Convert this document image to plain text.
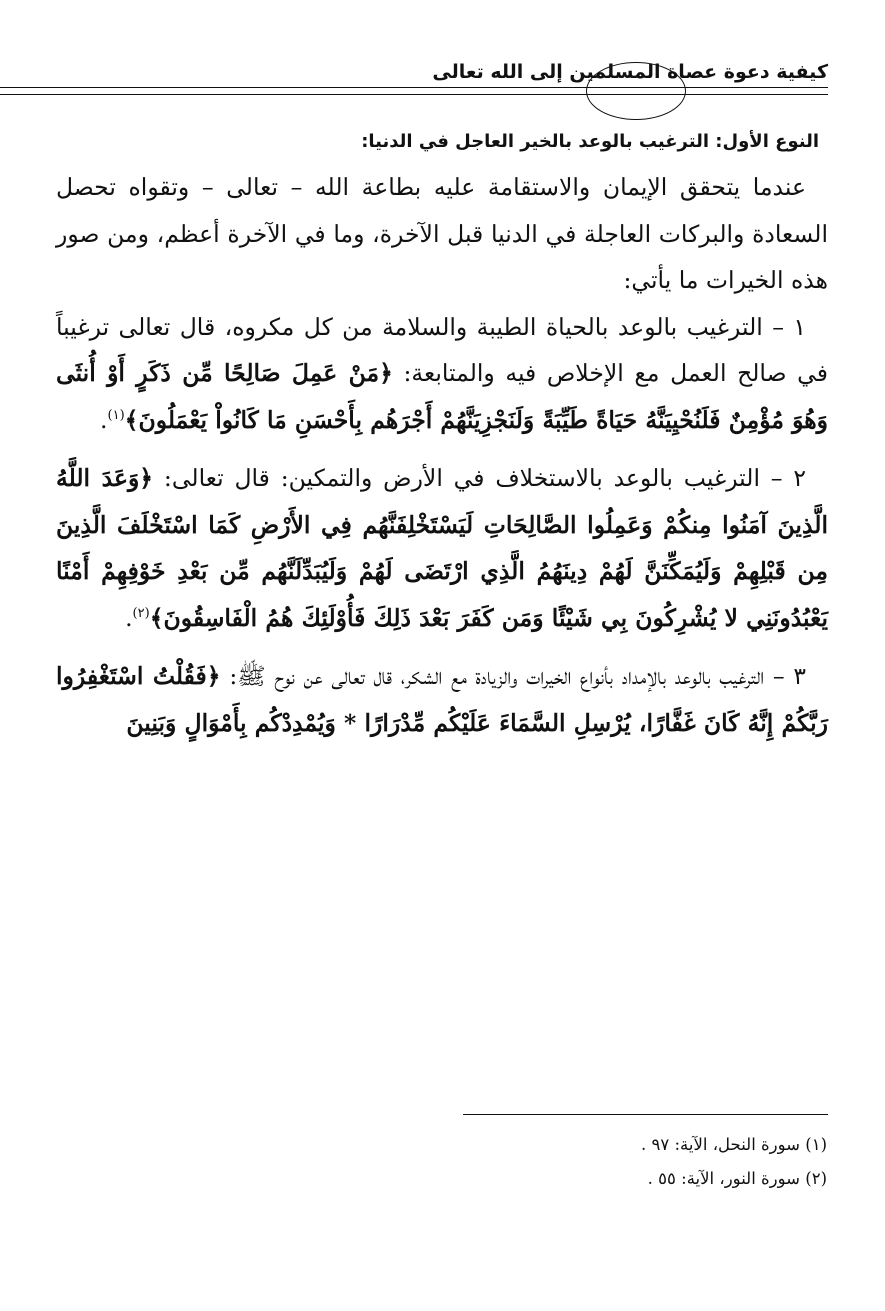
كيفية دعوة عصاة المسلمين إلى الله تعالى
النوع الأول: الترغيب بالوعد بالخير العاجل في الدنيا:

عندما يتحقق الإيمان والاستقامة عليه بطاعة الله – تعالى – وتقواه تحصل السعادة والبركات العاجلة في الدنيا قبل الآخرة، وما في الآخرة أعظم، ومن صور هذه الخيرات ما يأتي:

١ – الترغيب بالوعد بالحياة الطيبة والسلامة من كل مكروه، قال تعالى ترغيباً في صالح العمل مع الإخلاص فيه والمتابعة: ﴿مَنْ عَمِلَ صَالِحًا مِّن ذَكَرٍ أَوْ أُنثَى وَهُوَ مُؤْمِنٌ فَلَنُحْيِيَنَّهُ حَيَاةً طَيِّبَةً وَلَنَجْزِيَنَّهُمْ أَجْرَهُم بِأَحْسَنِ مَا كَانُواْ يَعْمَلُونَ﴾$^{(١)}$.

٢ – الترغيب بالوعد بالاستخلاف في الأرض والتمكين: قال تعالى: ﴿وَعَدَ اللَّهُ الَّذِينَ آمَنُوا مِنكُمْ وَعَمِلُوا الصَّالِحَاتِ لَيَسْتَخْلِفَنَّهُم فِي الأَرْضِ كَمَا اسْتَخْلَفَ الَّذِينَ مِن قَبْلِهِمْ وَلَيُمَكِّنَنَّ لَهُمْ دِينَهُمُ الَّذِي ارْتَضَى لَهُمْ وَلَيُبَدِّلَنَّهُم مِّن بَعْدِ خَوْفِهِمْ أَمْنًا يَعْبُدُونَنِي لا يُشْرِكُونَ بِي شَيْئًا وَمَن كَفَرَ بَعْدَ ذَلِكَ فَأُوْلَئِكَ هُمُ الْفَاسِقُونَ﴾$^{(٢)}$.

٣ – الترغيب بالوعد بالإمداد بأنواع الخيرات والزيادة مع الشكر، قال تعالى عن نوح ﷺ: ﴿فَقُلْتُ اسْتَغْفِرُوا رَبَّكُمْ إِنَّهُ كَانَ غَفَّارًا، يُرْسِلِ السَّمَاءَ عَلَيْكُم مِّدْرَارًا * وَيُمْدِدْكُم بِأَمْوَالٍ وَبَنِينَ

(١) سورة النحل، الآية: ٩٧ .
(٢) سورة النور، الآية: ٥٥ .
